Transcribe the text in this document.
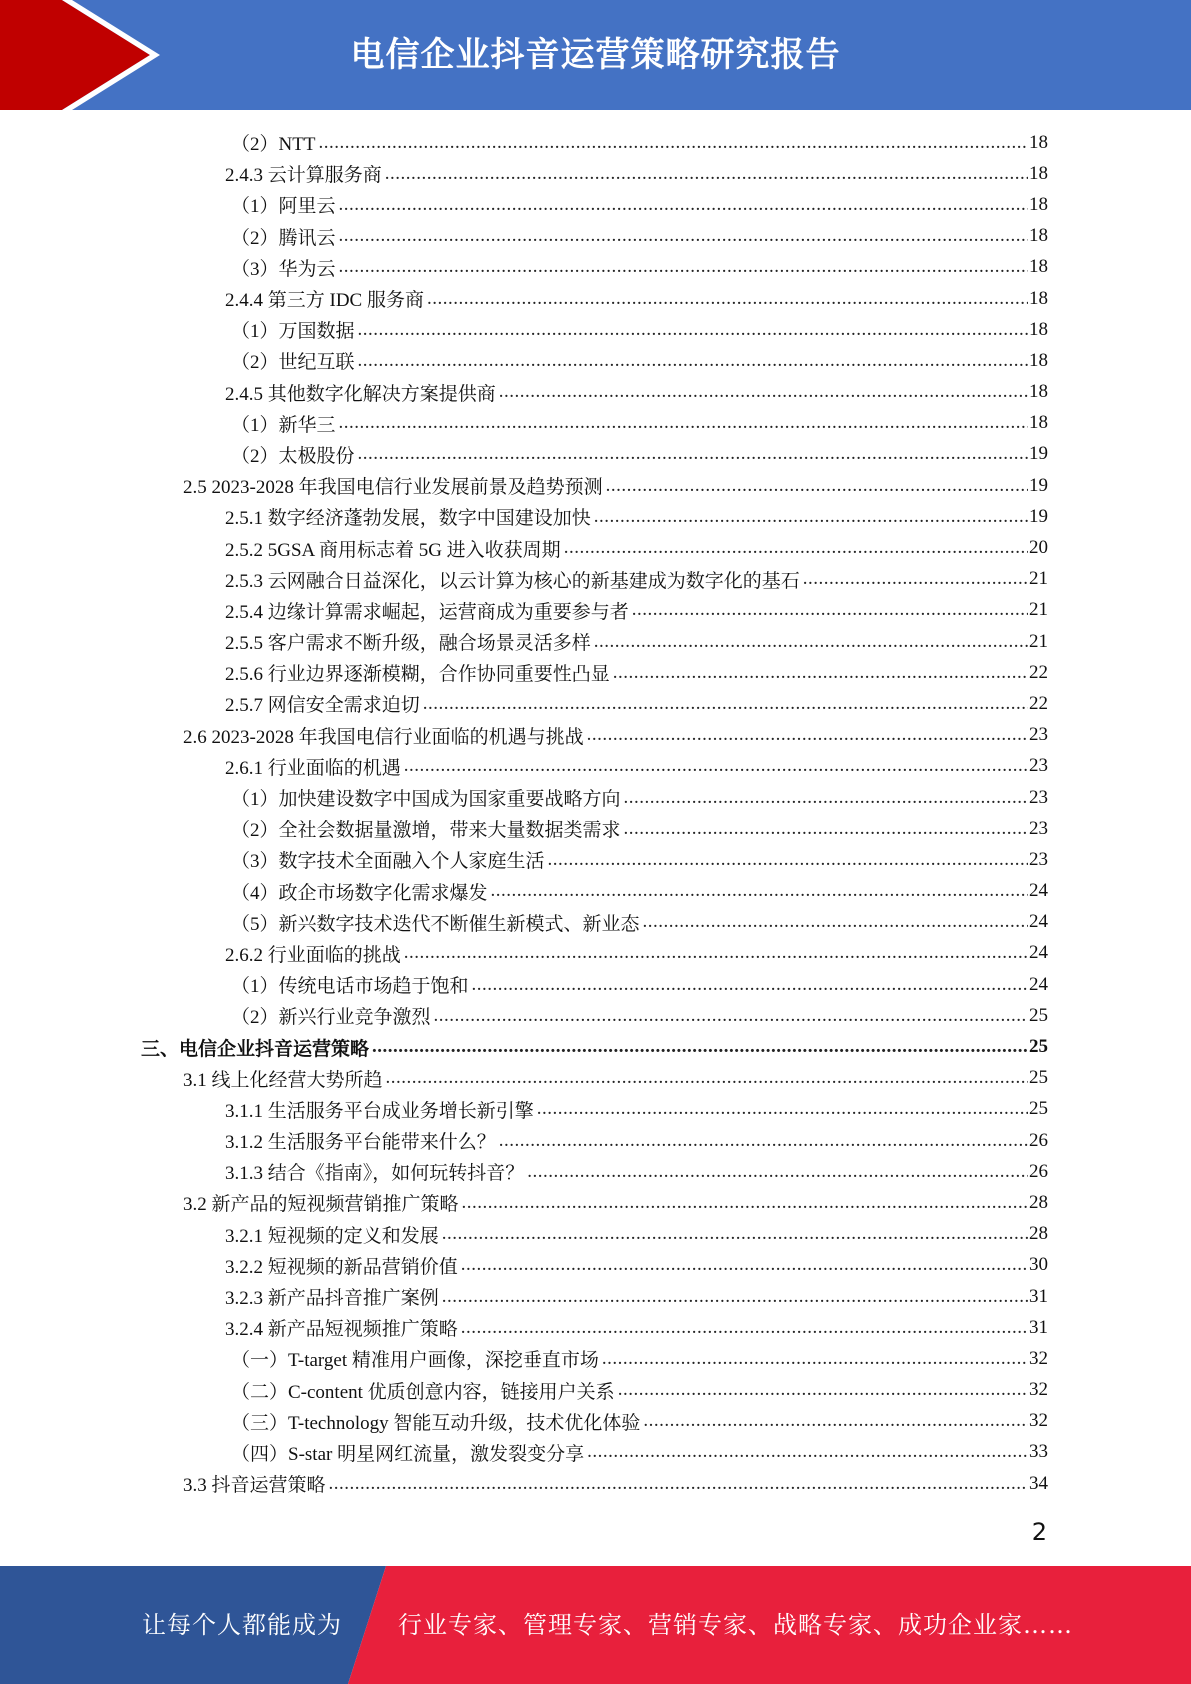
电信企业抖音运营策略研究报告
（2）NTT .....	18
2.4.3 云计算服务商 .....	18
（1）阿里云 .....	18
（2）腾讯云 .....	18
（3）华为云 .....	18
2.4.4 第三方 IDC 服务商 .....	18
（1）万国数据 .....	18
（2）世纪互联 .....	18
2.4.5 其他数字化解决方案提供商 .....	18
（1）新华三 .....	18
（2）太极股份 .....	19
2.5 2023-2028 年我国电信行业发展前景及趋势预测 .....	19
2.5.1 数字经济蓬勃发展，数字中国建设加快 .....	19
2.5.2 5GSA 商用标志着 5G 进入收获周期 .....	20
2.5.3 云网融合日益深化，以云计算为核心的新基建成为数字化的基石 .....	21
2.5.4 边缘计算需求崛起，运营商成为重要参与者 .....	21
2.5.5 客户需求不断升级，融合场景灵活多样 .....	21
2.5.6 行业边界逐渐模糊，合作协同重要性凸显 .....	22
2.5.7 网信安全需求迫切 .....	22
2.6 2023-2028 年我国电信行业面临的机遇与挑战 .....	23
2.6.1 行业面临的机遇 .....	23
（1）加快建设数字中国成为国家重要战略方向 .....	23
（2）全社会数据量激增，带来大量数据类需求 .....	23
（3）数字技术全面融入个人家庭生活 .....	23
（4）政企市场数字化需求爆发 .....	24
（5）新兴数字技术迭代不断催生新模式、新业态 .....	24
2.6.2 行业面临的挑战 .....	24
（1）传统电话市场趋于饱和 .....	24
（2）新兴行业竞争激烈 .....	25
三、电信企业抖音运营策略 .....	25
3.1 线上化经营大势所趋 .....	25
3.1.1 生活服务平台成业务增长新引擎 .....	25
3.1.2 生活服务平台能带来什么？ .....	26
3.1.3 结合《指南》，如何玩转抖音？ .....	26
3.2 新产品的短视频营销推广策略 .....	28
3.2.1 短视频的定义和发展 .....	28
3.2.2 短视频的新品营销价值 .....	30
3.2.3 新产品抖音推广案例 .....	31
3.2.4 新产品短视频推广策略 .....	31
（一）T-target 精准用户画像，深挖垂直市场 .....	32
（二）C-content 优质创意内容，链接用户关系 .....	32
（三）T-technology 智能互动升级，技术优化体验 .....	32
（四）S-star 明星网红流量，激发裂变分享 .....	33
3.3 抖音运营策略 .....	34
2
让每个人都能成为 行业专家、管理专家、营销专家、战略专家、成功企业家……
